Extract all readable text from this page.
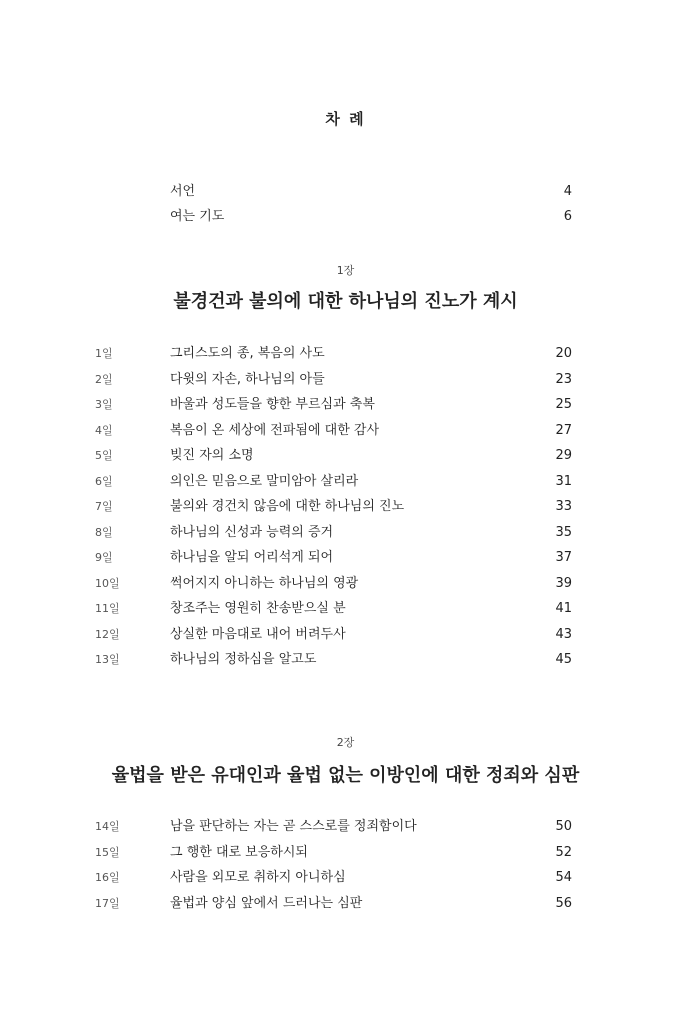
차 례
서언	4
여는 기도	6
1장
불경건과 불의에 대한 하나님의 진노가 계시
1일	그리스도의 종, 복음의 사도	20
2일	다윗의 자손, 하나님의 아들	23
3일	바울과 성도들을 향한 부르심과 축복	25
4일	복음이 온 세상에 전파됨에 대한 감사	27
5일	빚진 자의 소명	29
6일	의인은 믿음으로 말미암아 살리라	31
7일	불의와 경건치 않음에 대한 하나님의 진노	33
8일	하나님의 신성과 능력의 증거	35
9일	하나님을 알되 어리석게 되어	37
10일	썩어지지 아니하는 하나님의 영광	39
11일	창조주는 영원히 찬송받으실 분	41
12일	상실한 마음대로 내어 버려두사	43
13일	하나님의 정하심을 알고도	45
2장
율법을 받은 유대인과 율법 없는 이방인에 대한 정죄와 심판
14일	남을 판단하는 자는 곧 스스로를 정죄함이다	50
15일	그 행한 대로 보응하시되	52
16일	사람을 외모로 취하지 아니하심	54
17일	율법과 양심 앞에서 드러나는 심판	56
